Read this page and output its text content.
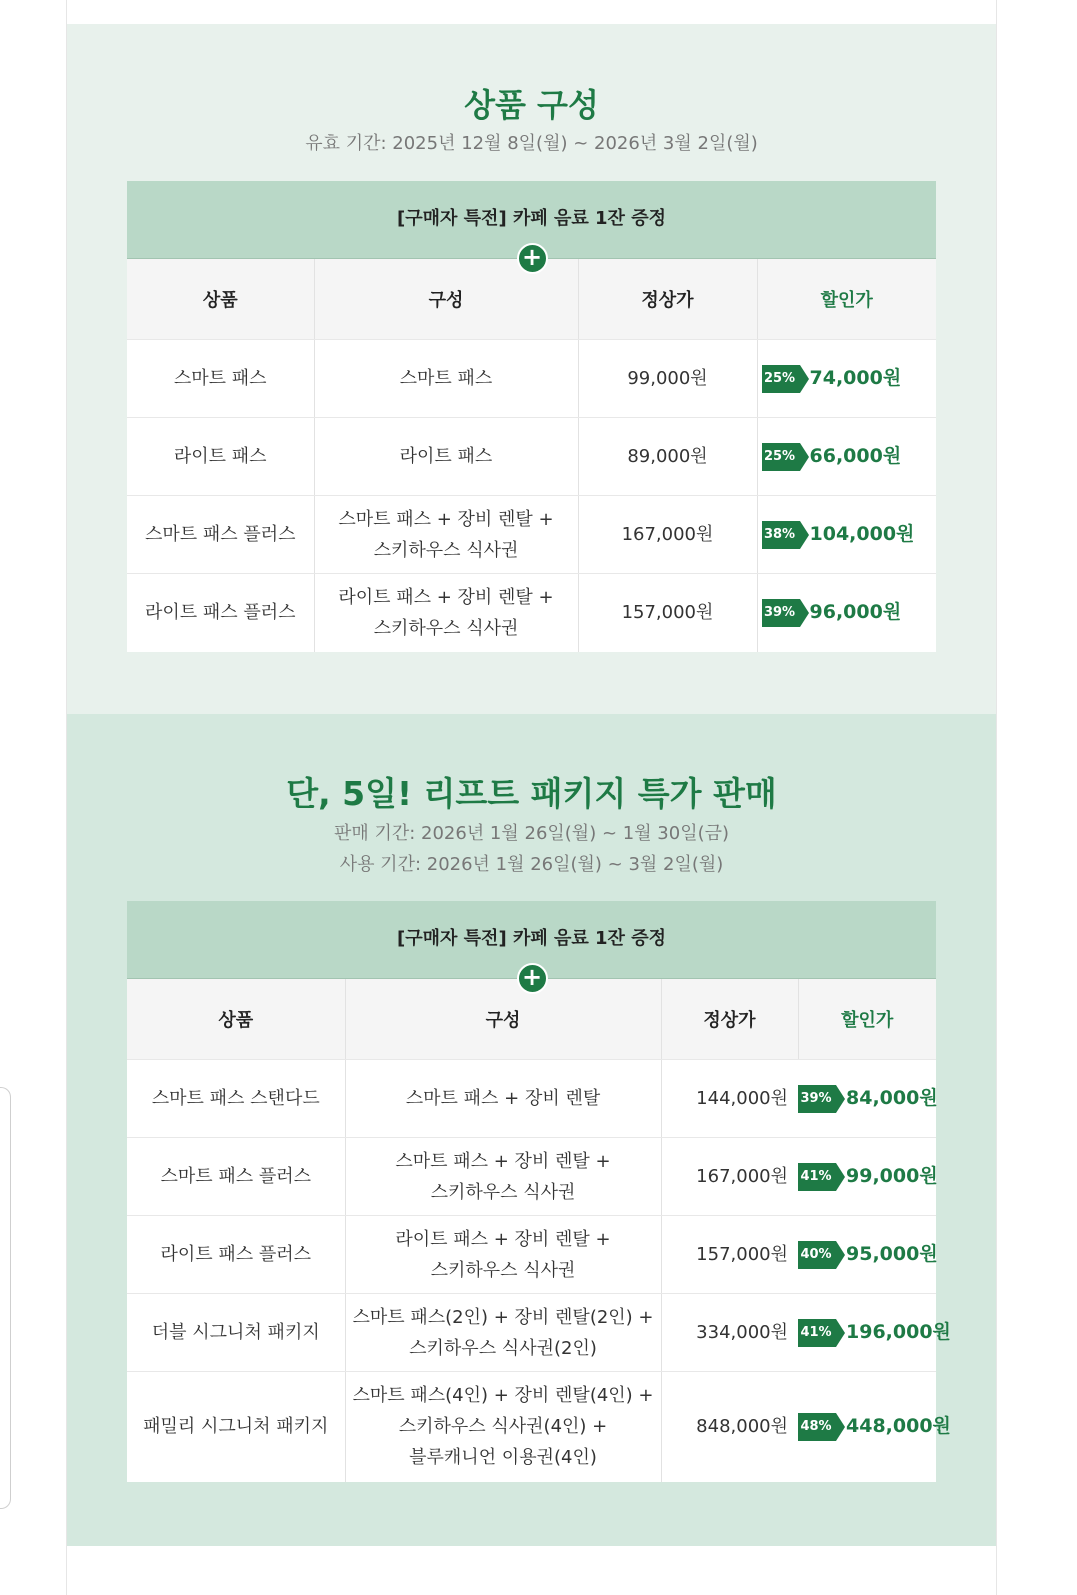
상품 구성
유효 기간: 2025년 12월 8일(월) ~ 2026년 3월 2일(월)
[구매자 특전] 카페 음료 1잔 증정
+
상품	구성	정상가	할인가
스마트 패스	스마트 패스	99,000원	25% 74,000원
라이트 패스	라이트 패스	89,000원	25% 66,000원
스마트 패스 플러스	스마트 패스 + 장비 렌탈 +
스키하우스 식사권	167,000원	38% 104,000원
라이트 패스 플러스	라이트 패스 + 장비 렌탈 +
스키하우스 식사권	157,000원	39% 96,000원
단, 5일! 리프트 패키지 특가 판매
판매 기간: 2026년 1월 26일(월) ~ 1월 30일(금)
사용 기간: 2026년 1월 26일(월) ~ 3월 2일(월)
[구매자 특전] 카페 음료 1잔 증정
+
상품	구성	정상가	할인가
스마트 패스 스탠다드	스마트 패스 + 장비 렌탈	144,000원	39% 84,000원
스마트 패스 플러스	스마트 패스 + 장비 렌탈 +
스키하우스 식사권	167,000원	41% 99,000원
라이트 패스 플러스	라이트 패스 + 장비 렌탈 +
스키하우스 식사권	157,000원	40% 95,000원
더블 시그니처 패키지	스마트 패스(2인) + 장비 렌탈(2인) +
스키하우스 식사권(2인)	334,000원	41% 196,000원
패밀리 시그니처 패키지	스마트 패스(4인) + 장비 렌탈(4인) +
스키하우스 식사권(4인) +
블루캐니언 이용권(4인)	848,000원	48% 448,000원
